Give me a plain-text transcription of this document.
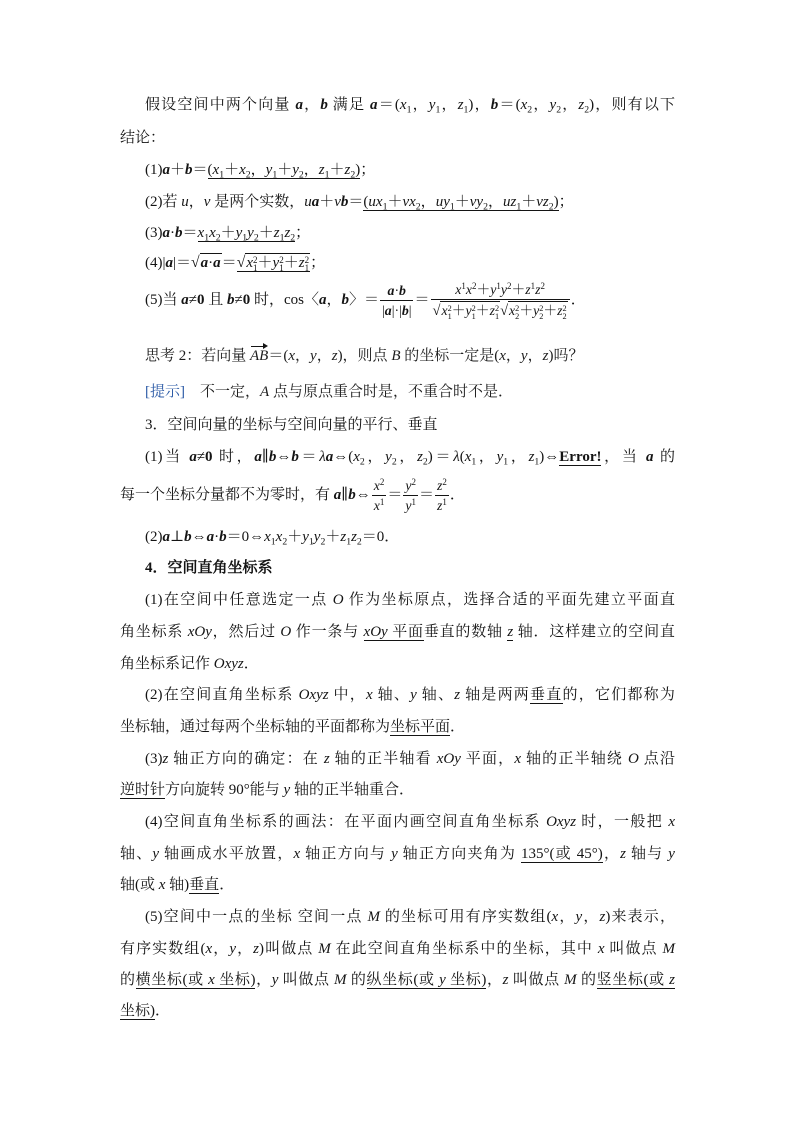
假设空间中两个向量 a，b 满足 $a=(x_1$，$y_1$，$z_1$)，$b=(x_2$，$y_2$，$z_2$)，则有以下
结论：
$(1)a+b=(x_1+x_2$，$y_1+y_2$，$z_1+z_2$)；
(2)若 u，v 是两个实数，$ua+vb=(ux_1+vx_2$，$uy_1+vy_2$，$uz_1+vz_2$)；
$(3)a\cdot b=x_1x_2+y_1y_2+z_1z_2$；
(4)|a|＝ √ a·a＝ √ x 2
1 ＋y 2
1 ＋z 2
1 ；
(5)当 a≠0 且 b≠0 时，cos〈a，b〉＝ $\frac{a\cdot b}{|a|\cdot|b|} = x^1x^2+y^1y^2+z^1z^2$
√ x 2
1 ＋y 2
1 ＋z 2
1 √ x 2
2 ＋y 2
2 ＋z 2
2 ．
思考 2：若向量 AB＝(x，y，z)，则点 B 的坐标一定是(x，y，z)吗？
[提示]　不一定，A 点与原点重合时是，不重合时不是．
3．空间向量的坐标与空间向量的平行、垂直
(1)当 a≠0 时，$a\parallel b\Leftrightarrow b=\lambda a\Leftrightarrow(x_2$，$y_2$，$z_2)=\lambda(x_1$，$y_1$，$z_1)\Leftrightarrow Error$!，当 a 的
每一个坐标分量都不为零时，有 a∥b⇔ $\frac{x^2}{x^1} = \frac{y^2}{y^1} = \frac{z^2}{z^1}$ ．
$(2)a\perp b\Leftrightarrow a\cdot b=0\Leftrightarrow x_1x_2+y_1y_2+z_1z_2=0$．
4．空间直角坐标系
(1)在空间中任意选定一点 O 作为坐标原点，选择合适的平面先建立平面直
角坐标系 xOy，然后过 O 作一条与 xOy 平面垂直的数轴 z 轴．这样建立的空间直
角坐标系记作 Oxyz．
(2)在空间直角坐标系 Oxyz 中，x 轴、y 轴、z 轴是两两垂直的，它们都称为
坐标轴，通过每两个坐标轴的平面都称为坐标平面．
(3)z 轴正方向的确定：在 z 轴的正半轴看 xOy 平面，x 轴的正半轴绕 O 点沿
逆时针方向旋转 90°能与 y 轴的正半轴重合．
(4)空间直角坐标系的画法：在平面内画空间直角坐标系 Oxyz 时，一般把 x
轴、y 轴画成水平放置，x 轴正方向与 y 轴正方向夹角为 135°(或 45°)，z 轴与 y
轴(或 x 轴)垂直．
(5)空间中一点的坐标 空间一点 M 的坐标可用有序实数组(x，y，z)来表示，
有序实数组(x，y，z)叫做点 M 在此空间直角坐标系中的坐标，其中 x 叫做点 M
的横坐标(或 x 坐标)，y 叫做点 M 的纵坐标(或 y 坐标)，z 叫做点 M 的竖坐标(或 z
坐标)．
